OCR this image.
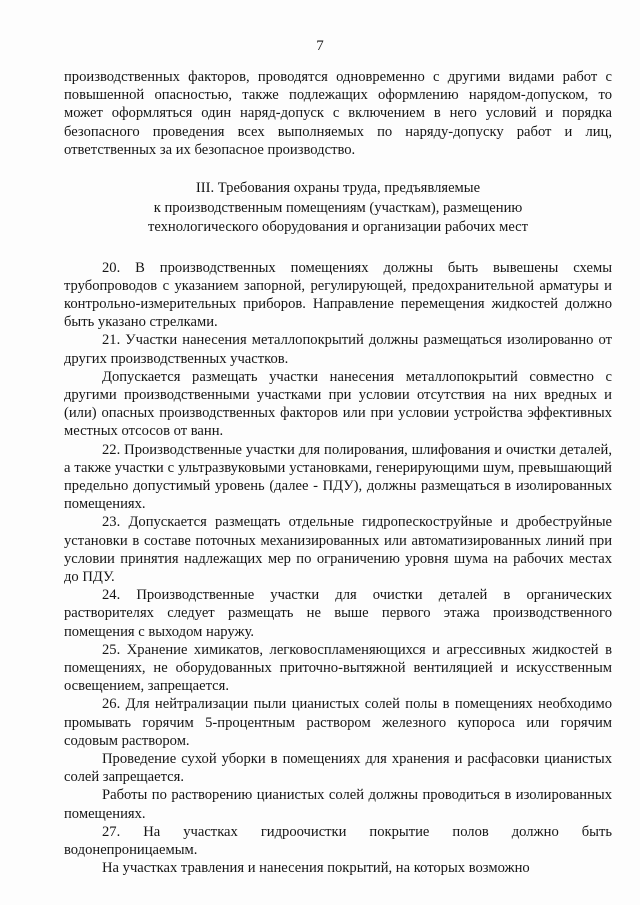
7

производственных факторов, проводятся одновременно с другими видами работ с повышенной опасностью, также подлежащих оформлению нарядом-допуском, то может оформляться один наряд-допуск с включением в него условий и порядка безопасного проведения всех выполняемых по наряду-допуску работ и лиц, ответственных за их безопасное производство.

III. Требования охраны труда, предъявляемые
к производственным помещениям (участкам), размещению
технологического оборудования и организации рабочих мест

20. В производственных помещениях должны быть вывешены схемы трубопроводов с указанием запорной, регулирующей, предохранительной арматуры и контрольно-измерительных приборов. Направление перемещения жидкостей должно быть указано стрелками.

21. Участки нанесения металлопокрытий должны размещаться изолированно от других производственных участков.

Допускается размещать участки нанесения металлопокрытий совместно с другими производственными участками при условии отсутствия на них вредных и (или) опасных производственных факторов или при условии устройства эффективных местных отсосов от ванн.

22. Производственные участки для полирования, шлифования и очистки деталей, а также участки с ультразвуковыми установками, генерирующими шум, превышающий предельно допустимый уровень (далее - ПДУ), должны размещаться в изолированных помещениях.

23. Допускается размещать отдельные гидропескоструйные и дробеструйные установки в составе поточных механизированных или автоматизированных линий при условии принятия надлежащих мер по ограничению уровня шума на рабочих местах до ПДУ.

24. Производственные участки для очистки деталей в органических растворителях следует размещать не выше первого этажа производственного помещения с выходом наружу.

25. Хранение химикатов, легковоспламеняющихся и агрессивных жидкостей в помещениях, не оборудованных приточно-вытяжной вентиляцией и искусственным освещением, запрещается.

26. Для нейтрализации пыли цианистых солей полы в помещениях необходимо промывать горячим 5-процентным раствором железного купороса или горячим содовым раствором.

Проведение сухой уборки в помещениях для хранения и расфасовки цианистых солей запрещается.

Работы по растворению цианистых солей должны проводиться в изолированных помещениях.

27. На участках гидроочистки покрытие полов должно быть водонепроницаемым.

На участках травления и нанесения покрытий, на которых возможно
